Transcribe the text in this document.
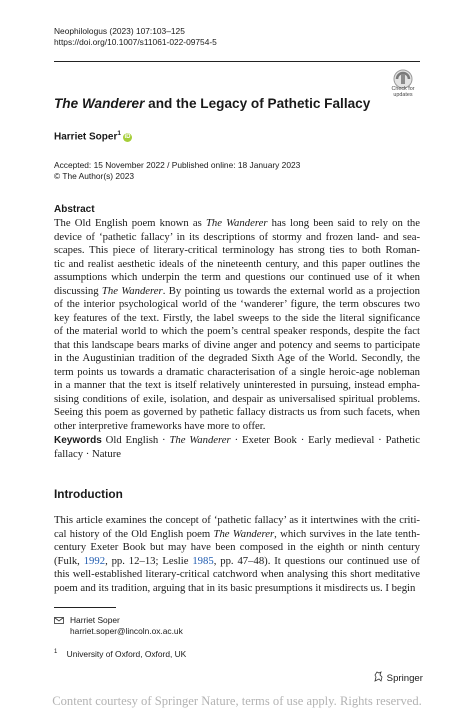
Neophilologus (2023) 107:103–125
https://doi.org/10.1007/s11061-022-09754-5
Check for
updates
The Wanderer and the Legacy of Pathetic Fallacy
Harriet Soper$^1$iD
Accepted: 15 November 2022 / Published online: 18 January 2023
© The Author(s) 2023
Abstract
The Old English poem known as The Wanderer has long been said to rely on the
device of ‘pathetic fallacy’ in its descriptions of stormy and frozen land- and sea-
scapes. This piece of literary-critical terminology has strong ties to both Roman-
tic and realist aesthetic ideals of the nineteenth century, and this paper outlines the
assumptions which underpin the term and questions our continued use of it when
discussing The Wanderer. By pointing us towards the external world as a projection
of the interior psychological world of the ‘wanderer’ figure, the term obscures two
key features of the text. Firstly, the label sweeps to the side the literal significance
of the material world to which the poem’s central speaker responds, despite the fact
that this landscape bears marks of divine anger and potency and seems to participate
in the Augustinian tradition of the degraded Sixth Age of the World. Secondly, the
term points us towards a dramatic characterisation of a single heroic-age nobleman
in a manner that the text is itself relatively uninterested in pursuing, instead empha-
sising conditions of exile, isolation, and despair as universalised spiritual problems.
Seeing this poem as governed by pathetic fallacy distracts us from such facets, when
other interpretive frameworks have more to offer.
Keywords Old English · The Wanderer · Exeter Book · Early medieval · Pathetic
fallacy · Nature
Introduction
This article examines the concept of ‘pathetic fallacy’ as it intertwines with the criti-
cal history of the Old English poem The Wanderer, which survives in the late tenth-
century Exeter Book but may have been composed in the eighth or ninth century
(Fulk, 1992, pp. 12–13; Leslie 1985, pp. 47–48). It questions our continued use of
this well-established literary-critical catchword when analysing this short meditative
poem and its tradition, arguing that in its basic presumptions it misdirects us. I begin
Harriet Soper
harriet.soper@lincoln.ox.ac.uk
$^1$ University of Oxford, Oxford, UK
Springer
Content courtesy of Springer Nature, terms of use apply. Rights reserved.
